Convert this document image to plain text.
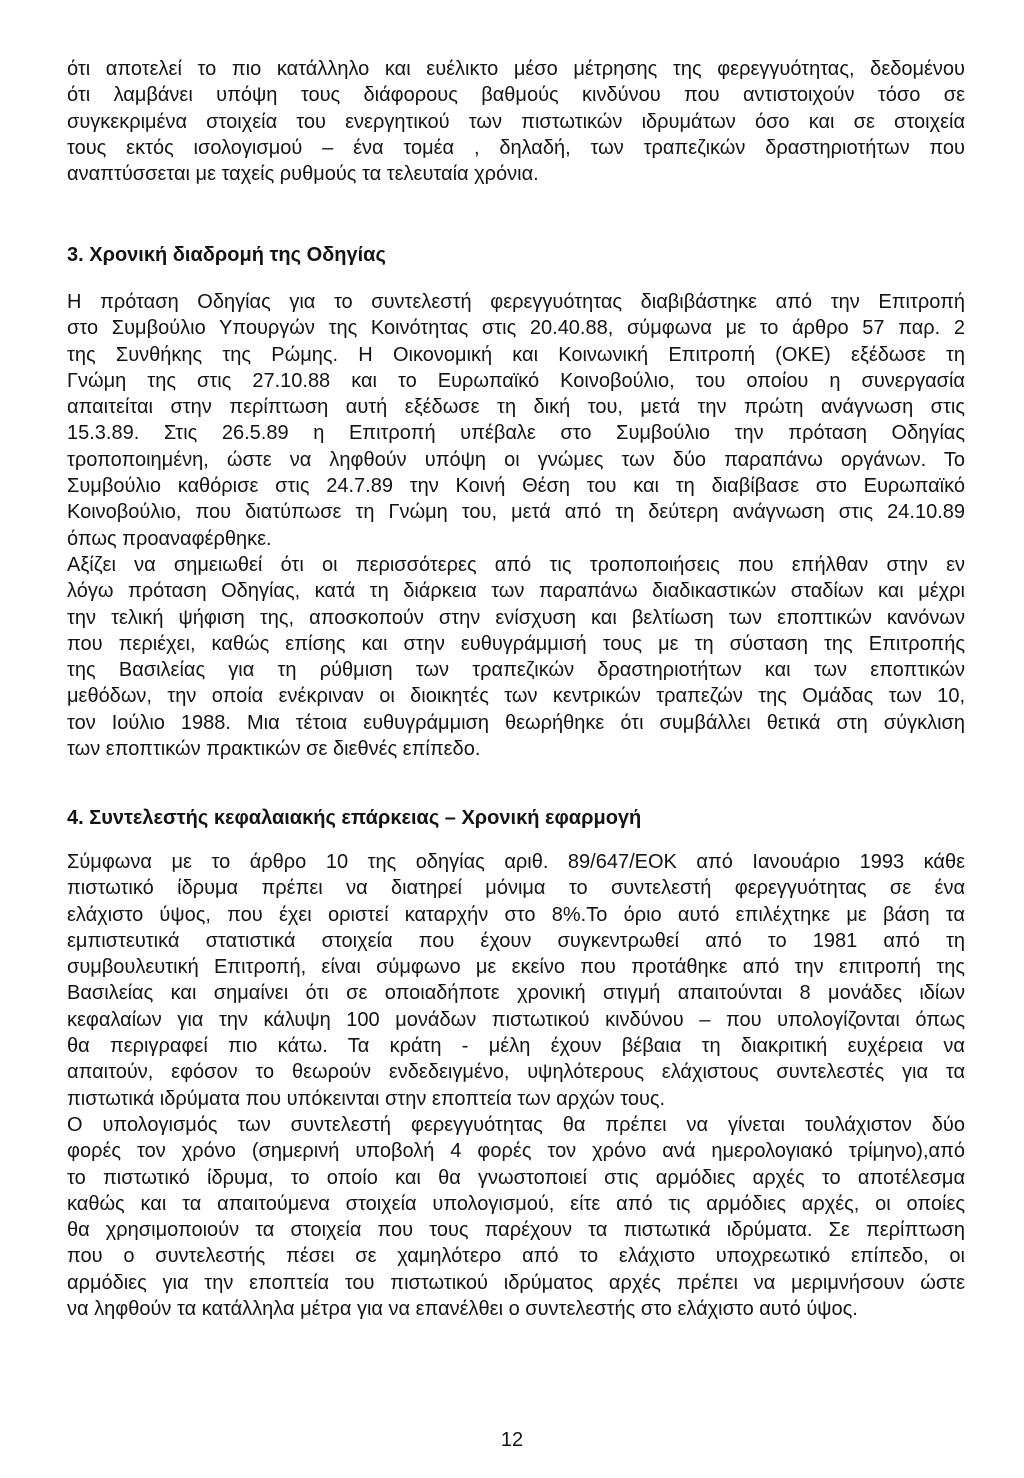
ότι αποτελεί το πιο κατάλληλο και ευέλικτο μέσο μέτρησης της φερεγγυότητας, δεδομένου
ότι λαμβάνει υπόψη τους διάφορους βαθμούς κινδύνου που αντιστοιχούν τόσο σε
συγκεκριμένα στοιχεία του ενεργητικού των πιστωτικών ιδρυμάτων όσο και σε στοιχεία
τους εκτός ισολογισμού – ένα τομέα , δηλαδή, των τραπεζικών δραστηριοτήτων που
αναπτύσσεται με ταχείς ρυθμούς τα τελευταία χρόνια.
3. Χρονική διαδρομή της Οδηγίας
Η πρόταση Οδηγίας για το συντελεστή φερεγγυότητας διαβιβάστηκε από την Επιτροπή
στο Συμβούλιο Υπουργών της Κοινότητας στις 20.40.88, σύμφωνα με το άρθρο 57 παρ. 2
της Συνθήκης της Ρώμης. Η Οικονομική και Κοινωνική Επιτροπή (ΟΚΕ) εξέδωσε τη
Γνώμη της στις 27.10.88 και το Ευρωπαϊκό Κοινοβούλιο, του οποίου η συνεργασία
απαιτείται στην περίπτωση αυτή εξέδωσε τη δική του, μετά την πρώτη ανάγνωση στις
15.3.89. Στις 26.5.89 η Επιτροπή υπέβαλε στο Συμβούλιο την πρόταση Οδηγίας
τροποποιημένη, ώστε να ληφθούν υπόψη οι γνώμες των δύο παραπάνω οργάνων. Το
Συμβούλιο καθόρισε στις 24.7.89 την Κοινή Θέση του και τη διαβίβασε στο Ευρωπαϊκό
Κοινοβούλιο, που διατύπωσε τη Γνώμη του, μετά από τη δεύτερη ανάγνωση στις 24.10.89
όπως προαναφέρθηκε.
Αξίζει να σημειωθεί ότι οι περισσότερες από τις τροποποιήσεις που επήλθαν στην εν
λόγω πρόταση Οδηγίας, κατά τη διάρκεια των παραπάνω διαδικαστικών σταδίων και μέχρι
την τελική ψήφιση της, αποσκοπούν στην ενίσχυση και βελτίωση των εποπτικών κανόνων
που περιέχει, καθώς επίσης και στην ευθυγράμμισή τους με τη σύσταση της Επιτροπής
της Βασιλείας για τη ρύθμιση των τραπεζικών δραστηριοτήτων και των εποπτικών
μεθόδων, την οποία ενέκριναν οι διοικητές των κεντρικών τραπεζών της Ομάδας των 10,
τον Ιούλιο 1988. Μια τέτοια ευθυγράμμιση θεωρήθηκε ότι συμβάλλει θετικά στη σύγκλιση
των εποπτικών πρακτικών σε διεθνές επίπεδο.
4. Συντελεστής κεφαλαιακής επάρκειας – Χρονική εφαρμογή
Σύμφωνα με το άρθρο 10 της οδηγίας αριθ. 89/647/ΕΟΚ από Ιανουάριο 1993 κάθε
πιστωτικό ίδρυμα πρέπει να διατηρεί μόνιμα το συντελεστή φερεγγυότητας σε ένα
ελάχιστο ύψος, που έχει οριστεί καταρχήν στο 8%.Το όριο αυτό επιλέχτηκε με βάση τα
εμπιστευτικά στατιστικά στοιχεία που έχουν συγκεντρωθεί από το 1981 από τη
συμβουλευτική Επιτροπή, είναι σύμφωνο με εκείνο που προτάθηκε από την επιτροπή της
Βασιλείας και σημαίνει ότι σε οποιαδήποτε χρονική στιγμή απαιτούνται 8 μονάδες ιδίων
κεφαλαίων για την κάλυψη 100 μονάδων πιστωτικού κινδύνου – που υπολογίζονται όπως
θα περιγραφεί πιο κάτω. Τα κράτη - μέλη έχουν βέβαια τη διακριτική ευχέρεια να
απαιτούν, εφόσον το θεωρούν ενδεδειγμένο, υψηλότερους ελάχιστους συντελεστές για τα
πιστωτικά ιδρύματα που υπόκεινται στην εποπτεία των αρχών τους.
Ο υπολογισμός των συντελεστή φερεγγυότητας θα πρέπει να γίνεται τουλάχιστον δύο
φορές τον χρόνο (σημερινή υποβολή 4 φορές τον χρόνο ανά ημερολογιακό τρίμηνο),από
το πιστωτικό ίδρυμα, το οποίο και θα γνωστοποιεί στις αρμόδιες αρχές το αποτέλεσμα
καθώς και τα απαιτούμενα στοιχεία υπολογισμού, είτε από τις αρμόδιες αρχές, οι οποίες
θα χρησιμοποιούν τα στοιχεία που τους παρέχουν τα πιστωτικά ιδρύματα. Σε περίπτωση
που ο συντελεστής πέσει σε χαμηλότερο από το ελάχιστο υποχρεωτικό επίπεδο, οι
αρμόδιες για την εποπτεία του πιστωτικού ιδρύματος αρχές πρέπει να μεριμνήσουν ώστε
να ληφθούν τα κατάλληλα μέτρα για να επανέλθει ο συντελεστής στο ελάχιστο αυτό ύψος.
12
